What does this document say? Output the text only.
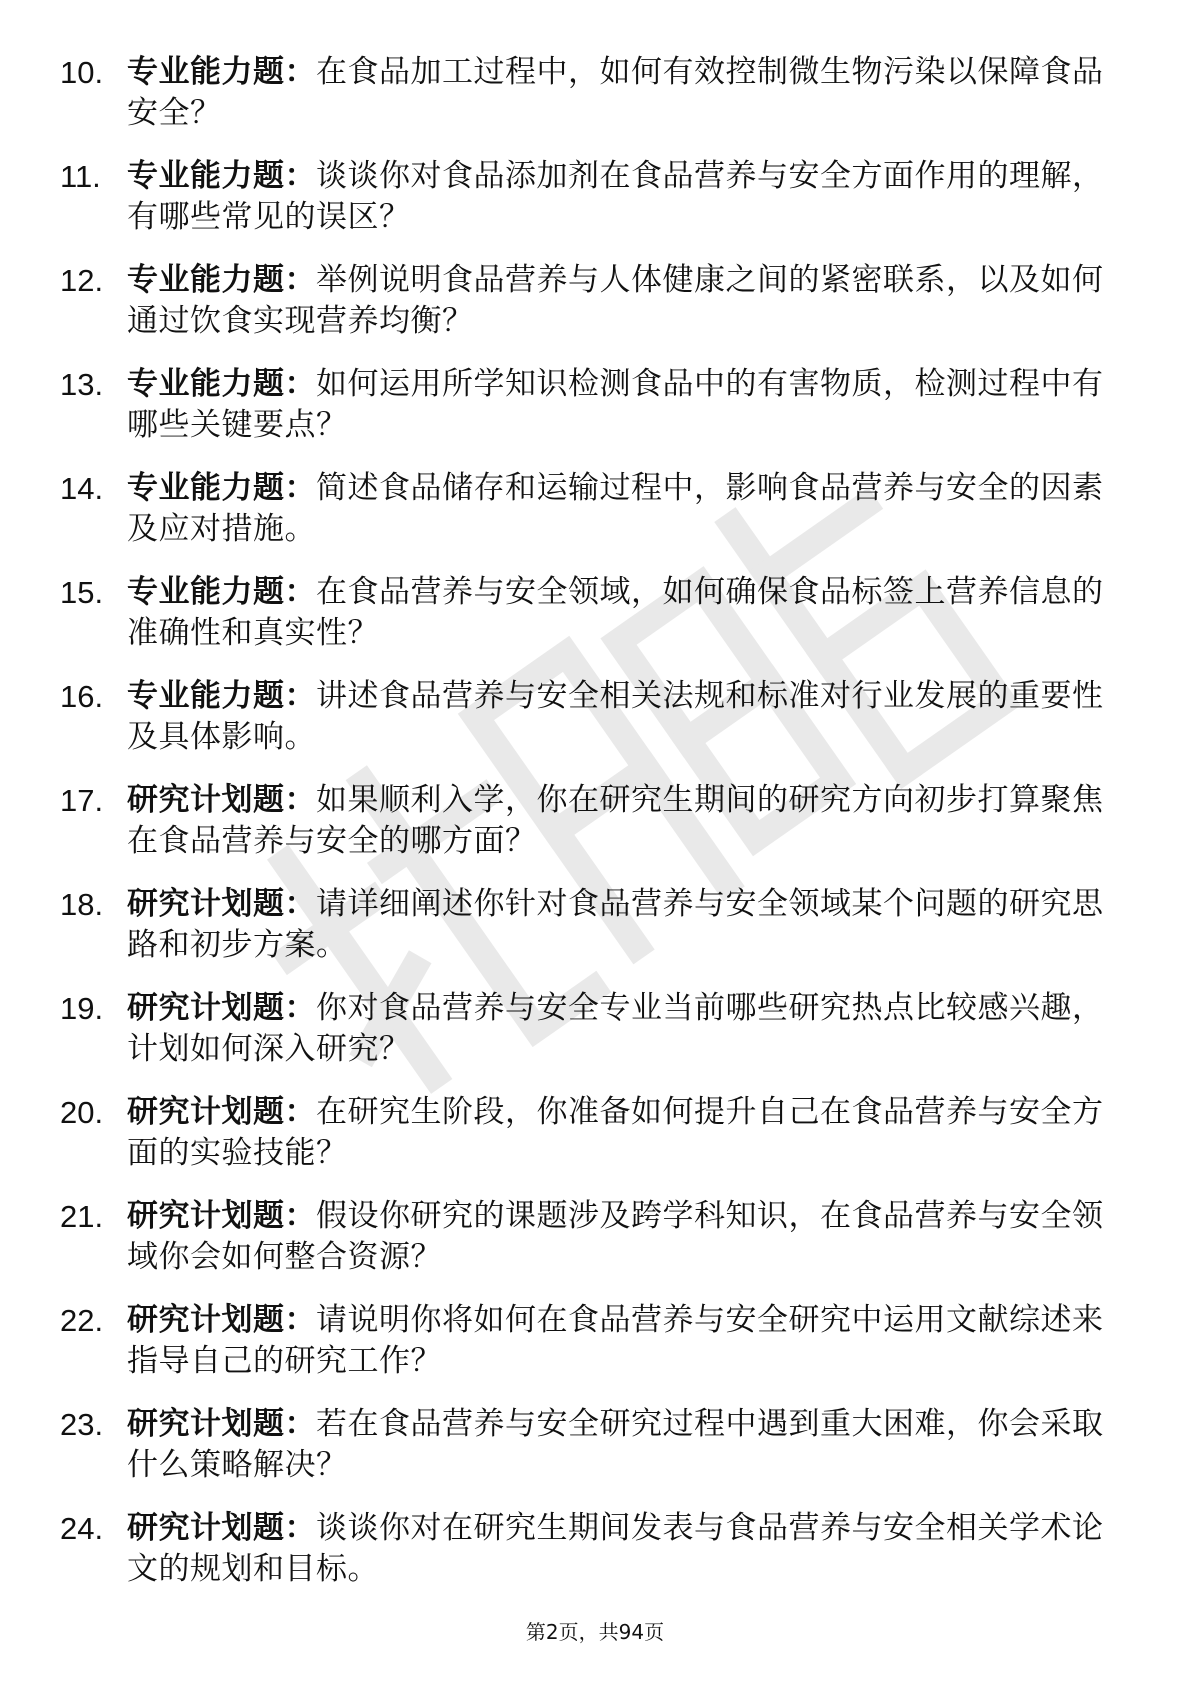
10. 专业能力题：在食品加工过程中，如何有效控制微生物污染以保障食品安全？
11. 专业能力题：谈谈你对食品添加剂在食品营养与安全方面作用的理解，有哪些常见的误区？
12. 专业能力题：举例说明食品营养与人体健康之间的紧密联系，以及如何通过饮食实现营养均衡？
13. 专业能力题：如何运用所学知识检测食品中的有害物质，检测过程中有哪些关键要点？
14. 专业能力题：简述食品储存和运输过程中，影响食品营养与安全的因素及应对措施。
15. 专业能力题：在食品营养与安全领域，如何确保食品标签上营养信息的准确性和真实性？
16. 专业能力题：讲述食品营养与安全相关法规和标准对行业发展的重要性及具体影响。
17. 研究计划题：如果顺利入学，你在研究生期间的研究方向初步打算聚焦在食品营养与安全的哪方面？
18. 研究计划题：请详细阐述你针对食品营养与安全领域某个问题的研究思路和初步方案。
19. 研究计划题：你对食品营养与安全专业当前哪些研究热点比较感兴趣，计划如何深入研究？
20. 研究计划题：在研究生阶段，你准备如何提升自己在食品营养与安全方面的实验技能？
21. 研究计划题：假设你研究的课题涉及跨学科知识，在食品营养与安全领域你会如何整合资源？
22. 研究计划题：请说明你将如何在食品营养与安全研究中运用文献综述来指导自己的研究工作？
23. 研究计划题：若在食品营养与安全研究过程中遇到重大困难，你会采取什么策略解决？
24. 研究计划题：谈谈你对在研究生期间发表与食品营养与安全相关学术论文的规划和目标。
第2页，共94页
